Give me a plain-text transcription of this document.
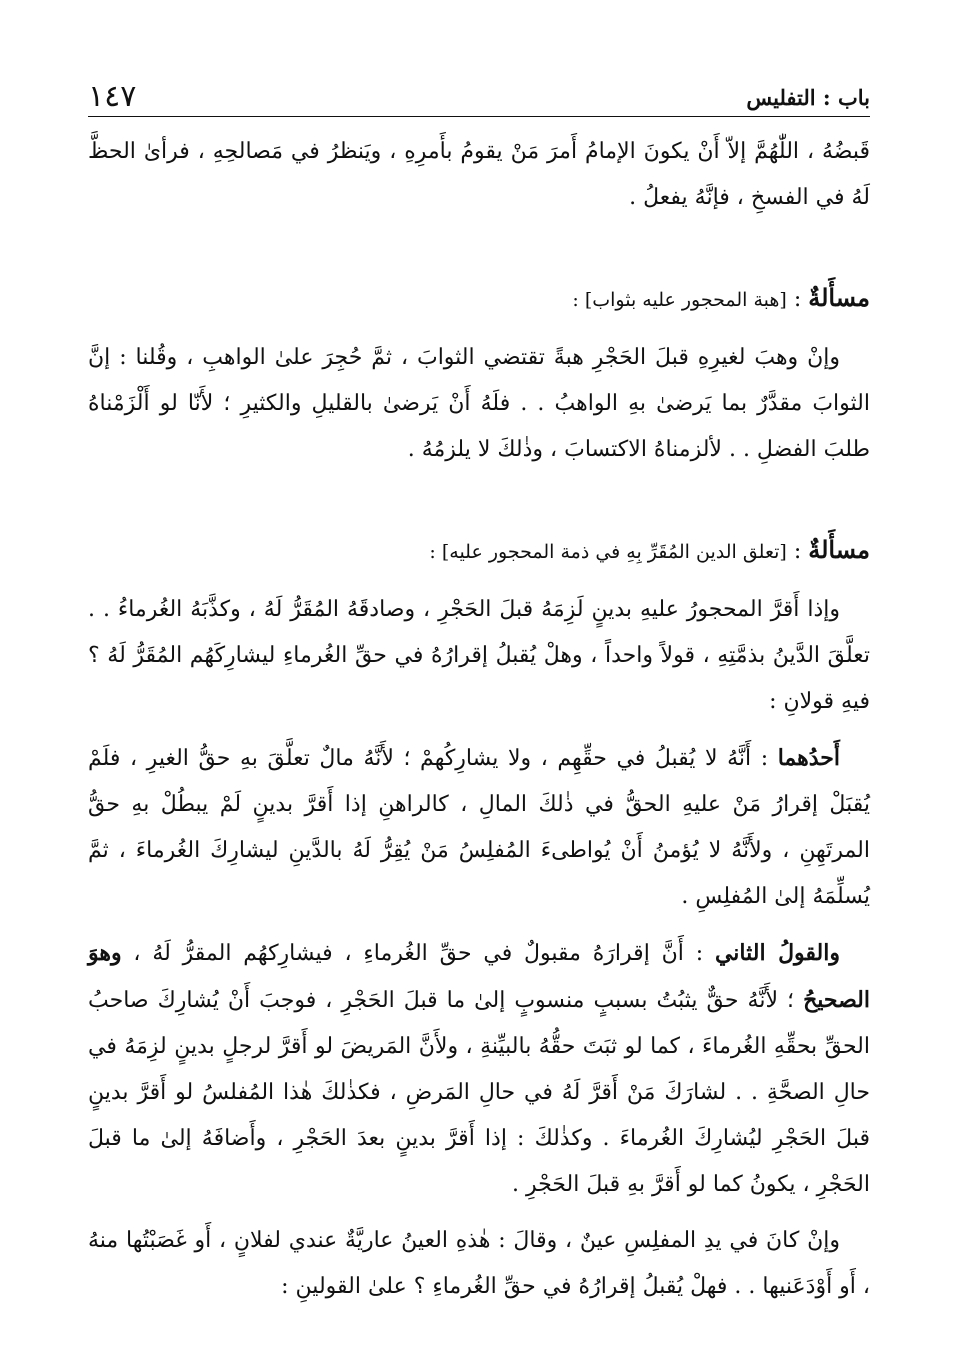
باب : التفليس
١٤٧

قَبضُهُ ، اللّٰهُمَّ إلاّ أَنْ يكونَ الإمامُ أَمرَ مَنْ يقومُ بأَمرِهِ ، ويَنظرُ في مَصالحِهِ ، فرأىٰ الحظَّ لَهُ في الفسخِ ، فإنَّهُ يفعلُ .

مسأَلةٌ : [هبة المحجور عليه بثواب] :

وإنْ وهبَ لغيرِهِ قبلَ الحَجْرِ هبةً تقتضي الثوابَ ، ثمَّ حُجِرَ علىٰ الواهبِ ، وقُلنا : إنَّ الثوابَ مقدَّرٌ بما يَرضىٰ بهِ الواهبُ . . فلَهُ أَنْ يَرضىٰ بالقليلِ والكثيرِ ؛ لأَنّا لو أَلْزَمْناهُ طلبَ الفضلِ . . لألزمناهُ الاكتسابَ ، وذٰلكَ لا يلزمُهُ .

مسأَلةٌ : [تعلق الدين المُقَرِّ بِهِ في ذمة المحجور عليه] :

وإذا أَقرَّ المحجورُ عليهِ بدينٍ لَزِمَهُ قبلَ الحَجْرِ ، وصادقَهُ المُقَرُّ لَهُ ، وكذَّبَهُ الغُرماءُ . . تعلَّقَ الدَّينُ بذمَّتِهِ ، قولاً واحداً ، وهلْ يُقبلُ إقرارُهُ في حقِّ الغُرماءِ ليشارِكَهُم المُقَرُّ لَهُ ؟ فيهِ قولانِ :

أَحدُهما : أَنَّهُ لا يُقبلُ في حقِّهِم ، ولا يشارِكُهمْ ؛ لأَنَّهُ مالٌ تعلَّقَ بهِ حقُّ الغيرِ ، فلَمْ يُقبَلْ إقرارُ مَنْ عليهِ الحقُّ في ذٰلكَ المالِ ، كالراهنِ إذا أَقرَّ بدينٍ لَمْ يبطُلْ بهِ حقُّ المرتَهِنِ ، ولأَنَّهُ لا يُؤمنُ أَنْ يُواطىءَ المُفلِسُ مَنْ يُقِرُّ لَهُ بالدَّينِ ليشارِكَ الغُرماءَ ، ثمَّ يُسلِّمَهُ إلىٰ المُفلِسِ .

والقولُ الثاني : أَنَّ إقرارَهُ مقبولٌ في حقِّ الغُرماءِ ، فيشارِكهُم المقرُّ لَهُ ، وهوَ الصحيحُ ؛ لأَنَّهُ حقٌّ يثبُتُ بسببٍ منسوبٍ إلىٰ ما قبلَ الحَجْرِ ، فوجبَ أَنْ يُشارِكَ صاحبُ الحقِّ بحقِّهِ الغُرماءَ ، كما لو ثبَتَ حقُّهُ بالبيِّنةِ ، ولأَنَّ المَريضَ لو أَقرَّ لرجلٍ بدينٍ لزِمَهُ في حالِ الصحَّةِ . . لشارَكَ مَنْ أَقرَّ لَهُ في حالِ المَرضِ ، فكذٰلكَ هٰذا المُفلسُ لو أَقرَّ بدينٍ قبلَ الحَجْرِ ليُشارِكَ الغُرماءَ . وكذٰلكَ : إذا أَقرَّ بدينٍ بعدَ الحَجْرِ ، وأَضافَهُ إلىٰ ما قبلَ الحَجْرِ ، يكونُ كما لو أَقرَّ بهِ قبلَ الحَجْرِ .

وإنْ كانَ في يدِ المفلِسِ عينٌ ، وقالَ : هٰذهِ العينُ عاريَّةٌ عندي لفلانٍ ، أَو غَصَبْتُها منهُ ، أَو أَوْدَعَنيها . . فهلْ يُقبلُ إقرارُهُ في حقِّ الغُرماءِ ؟ علىٰ القولينِ :
